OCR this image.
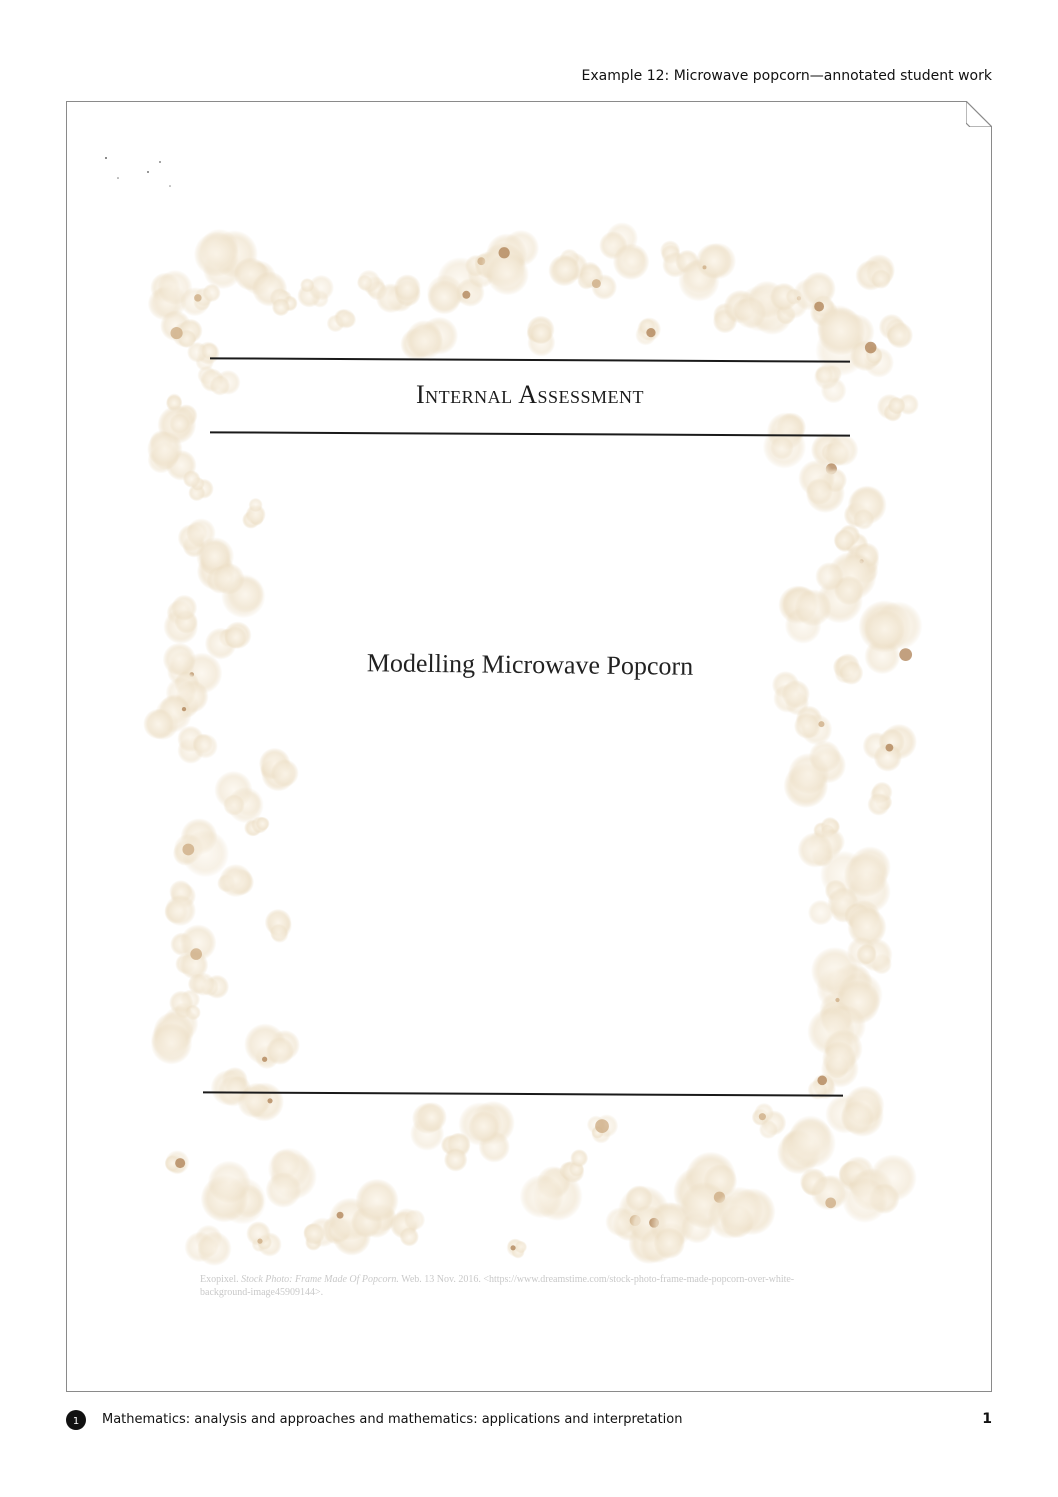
Example 12: Microwave popcorn—annotated student work
Internal Assessment
Modelling Microwave Popcorn
Exopixel. Stock Photo: Frame Made Of Popcorn. Web. 13 Nov. 2016. <https://www.dreamstime.com/stock-photo-frame-made-popcorn-over-white-background-image45909144>.
1 Mathematics: analysis and approaches and mathematics: applications and interpretation	1
